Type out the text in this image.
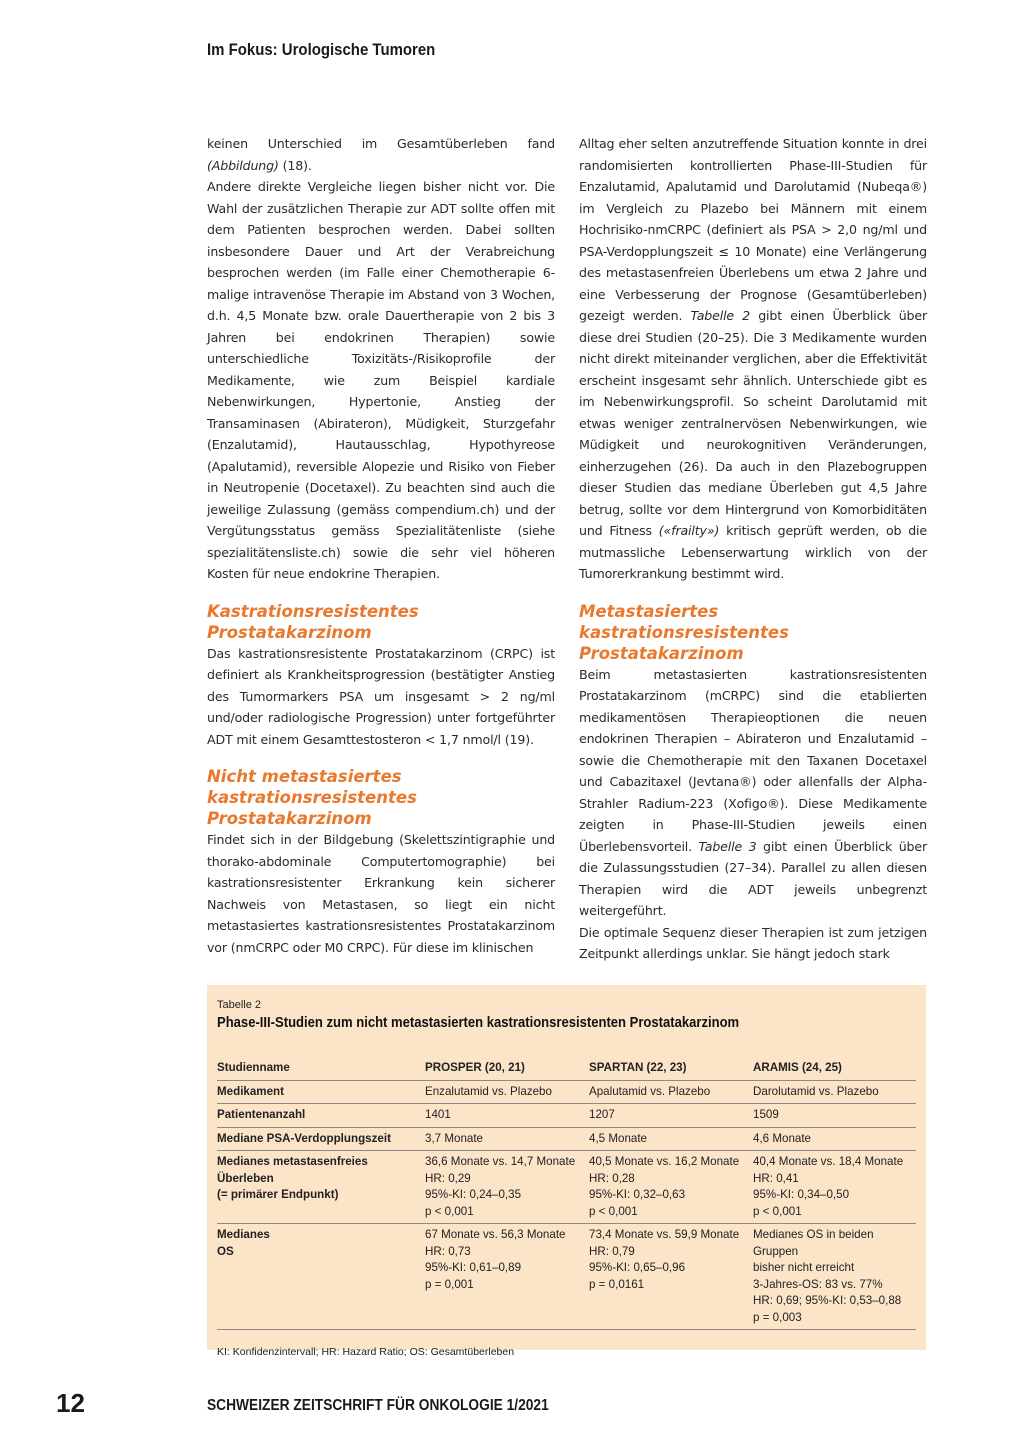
Im Fokus: Urologische Tumoren

keinen Unterschied im Gesamtüberleben fand (Abbildung) (18).

Andere direkte Vergleiche liegen bisher nicht vor. Die Wahl der zusätzlichen Therapie zur ADT sollte offen mit dem Patienten besprochen werden. Dabei sollten insbesondere Dauer und Art der Verabreichung besprochen werden (im Falle einer Chemotherapie 6-malige intravenöse Therapie im Abstand von 3 Wochen, d.h. 4,5 Monate bzw. orale Dauertherapie von 2 bis 3 Jahren bei endokrinen Therapien) sowie unterschiedliche Toxizitäts-/Risikoprofile der Medikamente, wie zum Beispiel kardiale Nebenwirkungen, Hypertonie, Anstieg der Transaminasen (Abirateron), Müdigkeit, Sturzgefahr (Enzalutamid), Hautausschlag, Hypothyreose (Apalutamid), reversible Alopezie und Risiko von Fieber in Neutropenie (Docetaxel). Zu beachten sind auch die jeweilige Zulassung (gemäss compendium.ch) und der Vergütungsstatus gemäss Spezialitätenliste (siehe spezialitätensliste.ch) sowie die sehr viel höheren Kosten für neue endokrine Therapien.

Kastrationsresistentes Prostatakarzinom

Das kastrationsresistente Prostatakarzinom (CRPC) ist definiert als Krankheitsprogression (bestätigter Anstieg des Tumormarkers PSA um insgesamt > 2 ng/ml und/oder radiologische Progression) unter fortgeführter ADT mit einem Gesamttestosteron < 1,7 nmol/l (19).

Nicht metastasiertes kastrationsresistentes Prostatakarzinom

Findet sich in der Bildgebung (Skelettszintigraphie und thorako-abdominale Computertomographie) bei kastrationsresistenter Erkrankung kein sicherer Nachweis von Metastasen, so liegt ein nicht metastasiertes kastrationsresistentes Prostatakarzinom vor (nmCRPC oder M0 CRPC). Für diese im klinischen

Alltag eher selten anzutreffende Situation konnte in drei randomisierten kontrollierten Phase-III-Studien für Enzalutamid, Apalutamid und Darolutamid (Nubeqa®) im Vergleich zu Plazebo bei Männern mit einem Hochrisiko-nmCRPC (definiert als PSA > 2,0 ng/ml und PSA-Verdopplungszeit ≤ 10 Monate) eine Verlängerung des metastasenfreien Überlebens um etwa 2 Jahre und eine Verbesserung der Prognose (Gesamtüberleben) gezeigt werden. Tabelle 2 gibt einen Überblick über diese drei Studien (20–25). Die 3 Medikamente wurden nicht direkt miteinander verglichen, aber die Effektivität erscheint insgesamt sehr ähnlich. Unterschiede gibt es im Nebenwirkungsprofil. So scheint Darolutamid mit etwas weniger zentralnervösen Nebenwirkungen, wie Müdigkeit und neurokognitiven Veränderungen, einherzugehen (26). Da auch in den Plazebogruppen dieser Studien das mediane Überleben gut 4,5 Jahre betrug, sollte vor dem Hintergrund von Komorbiditäten und Fitness («frailty») kritisch geprüft werden, ob die mutmassliche Lebenserwartung wirklich von der Tumorerkrankung bestimmt wird.

Metastasiertes kastrationsresistentes Prostatakarzinom

Beim metastasierten kastrationsresistenten Prostatakarzinom (mCRPC) sind die etablierten medikamentösen Therapieoptionen die neuen endokrinen Therapien – Abirateron und Enzalutamid – sowie die Chemotherapie mit den Taxanen Docetaxel und Cabazitaxel (Jevtana®) oder allenfalls der Alpha-Strahler Radium-223 (Xofigo®). Diese Medikamente zeigten in Phase-III-Studien jeweils einen Überlebensvorteil. Tabelle 3 gibt einen Überblick über die Zulassungsstudien (27–34). Parallel zu allen diesen Therapien wird die ADT jeweils unbegrenzt weitergeführt.

Die optimale Sequenz dieser Therapien ist zum jetzigen Zeitpunkt allerdings unklar. Sie hängt jedoch stark

Tabelle 2
Phase-III-Studien zum nicht metastasierten kastrationsresistenten Prostatakarzinom
Studienname	PROSPER (20, 21)	SPARTAN (22, 23)	ARAMIS (24, 25)

Medikament	Enzalutamid vs. Plazebo	Apalutamid vs. Plazebo	Darolutamid vs. Plazebo

Patientenanzahl	1401	1207	1509

Mediane PSA-Verdopplungszeit	3,7 Monate	4,5 Monate	4,6 Monate

Medianes metastasenfreies Überleben
(= primärer Endpunkt)	36,6 Monate vs. 14,7 Monate
HR: 0,29
95%-KI: 0,24–0,35
p < 0,001	40,5 Monate vs. 16,2 Monate
HR: 0,28
95%-KI: 0,32–0,63
p < 0,001	40,4 Monate vs. 18,4 Monate
HR: 0,41
95%-KI: 0,34–0,50
p < 0,001

Medianes
OS	67 Monate vs. 56,3 Monate
HR: 0,73
95%-KI: 0,61–0,89
p = 0,001	73,4 Monate vs. 59,9 Monate
HR: 0,79
95%-KI: 0,65–0,96
p = 0,0161	Medianes OS in beiden Gruppen
bisher nicht erreicht
3-Jahres-OS: 83 vs. 77%
HR: 0,69; 95%-KI: 0,53–0,88
p = 0,003
KI: Konfidenzintervall; HR: Hazard Ratio; OS: Gesamtüberleben
12	SCHWEIZER ZEITSCHRIFT FÜR ONKOLOGIE 1/2021
